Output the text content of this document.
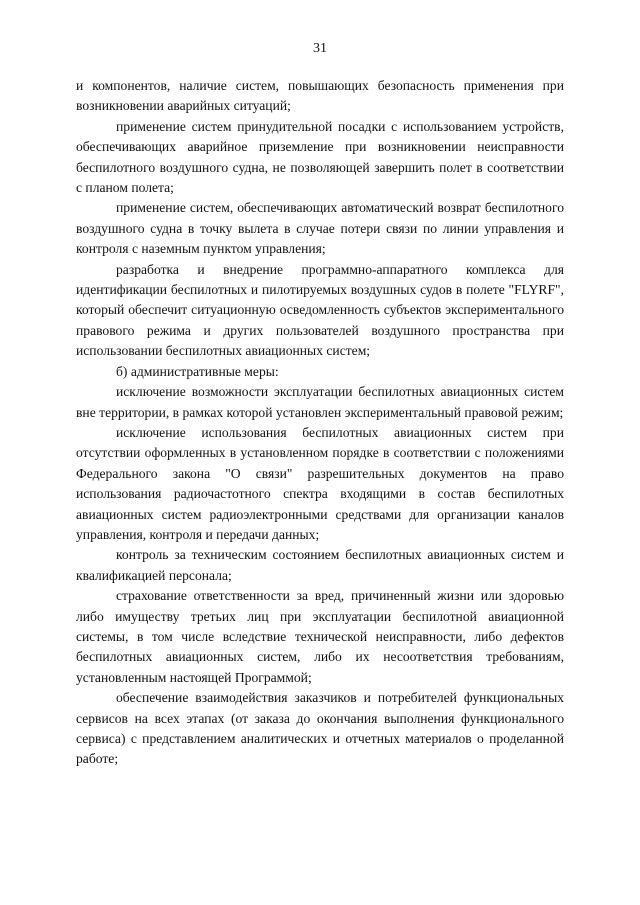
31

и компонентов, наличие систем, повышающих безопасность применения при возникновении аварийных ситуаций;

применение систем принудительной посадки с использованием устройств, обеспечивающих аварийное приземление при возникновении неисправности беспилотного воздушного судна, не позволяющей завершить полет в соответствии с планом полета;

применение систем, обеспечивающих автоматический возврат беспилотного воздушного судна в точку вылета в случае потери связи по линии управления и контроля с наземным пунктом управления;

разработка и внедрение программно-аппаратного комплекса для идентификации беспилотных и пилотируемых воздушных судов в полете "FLYRF", который обеспечит ситуационную осведомленность субъектов экспериментального правового режима и других пользователей воздушного пространства при использовании беспилотных авиационных систем;

б) административные меры:

исключение возможности эксплуатации беспилотных авиационных систем вне территории, в рамках которой установлен экспериментальный правовой режим;

исключение использования беспилотных авиационных систем при отсутствии оформленных в установленном порядке в соответствии с положениями Федерального закона "О связи" разрешительных документов на право использования радиочастотного спектра входящими в состав беспилотных авиационных систем радиоэлектронными средствами для организации каналов управления, контроля и передачи данных;

контроль за техническим состоянием беспилотных авиационных систем и квалификацией персонала;

страхование ответственности за вред, причиненный жизни или здоровью либо имуществу третьих лиц при эксплуатации беспилотной авиационной системы, в том числе вследствие технической неисправности, либо дефектов беспилотных авиационных систем, либо их несоответствия требованиям, установленным настоящей Программой;

обеспечение взаимодействия заказчиков и потребителей функциональных сервисов на всех этапах (от заказа до окончания выполнения функционального сервиса) с представлением аналитических и отчетных материалов о проделанной работе;
